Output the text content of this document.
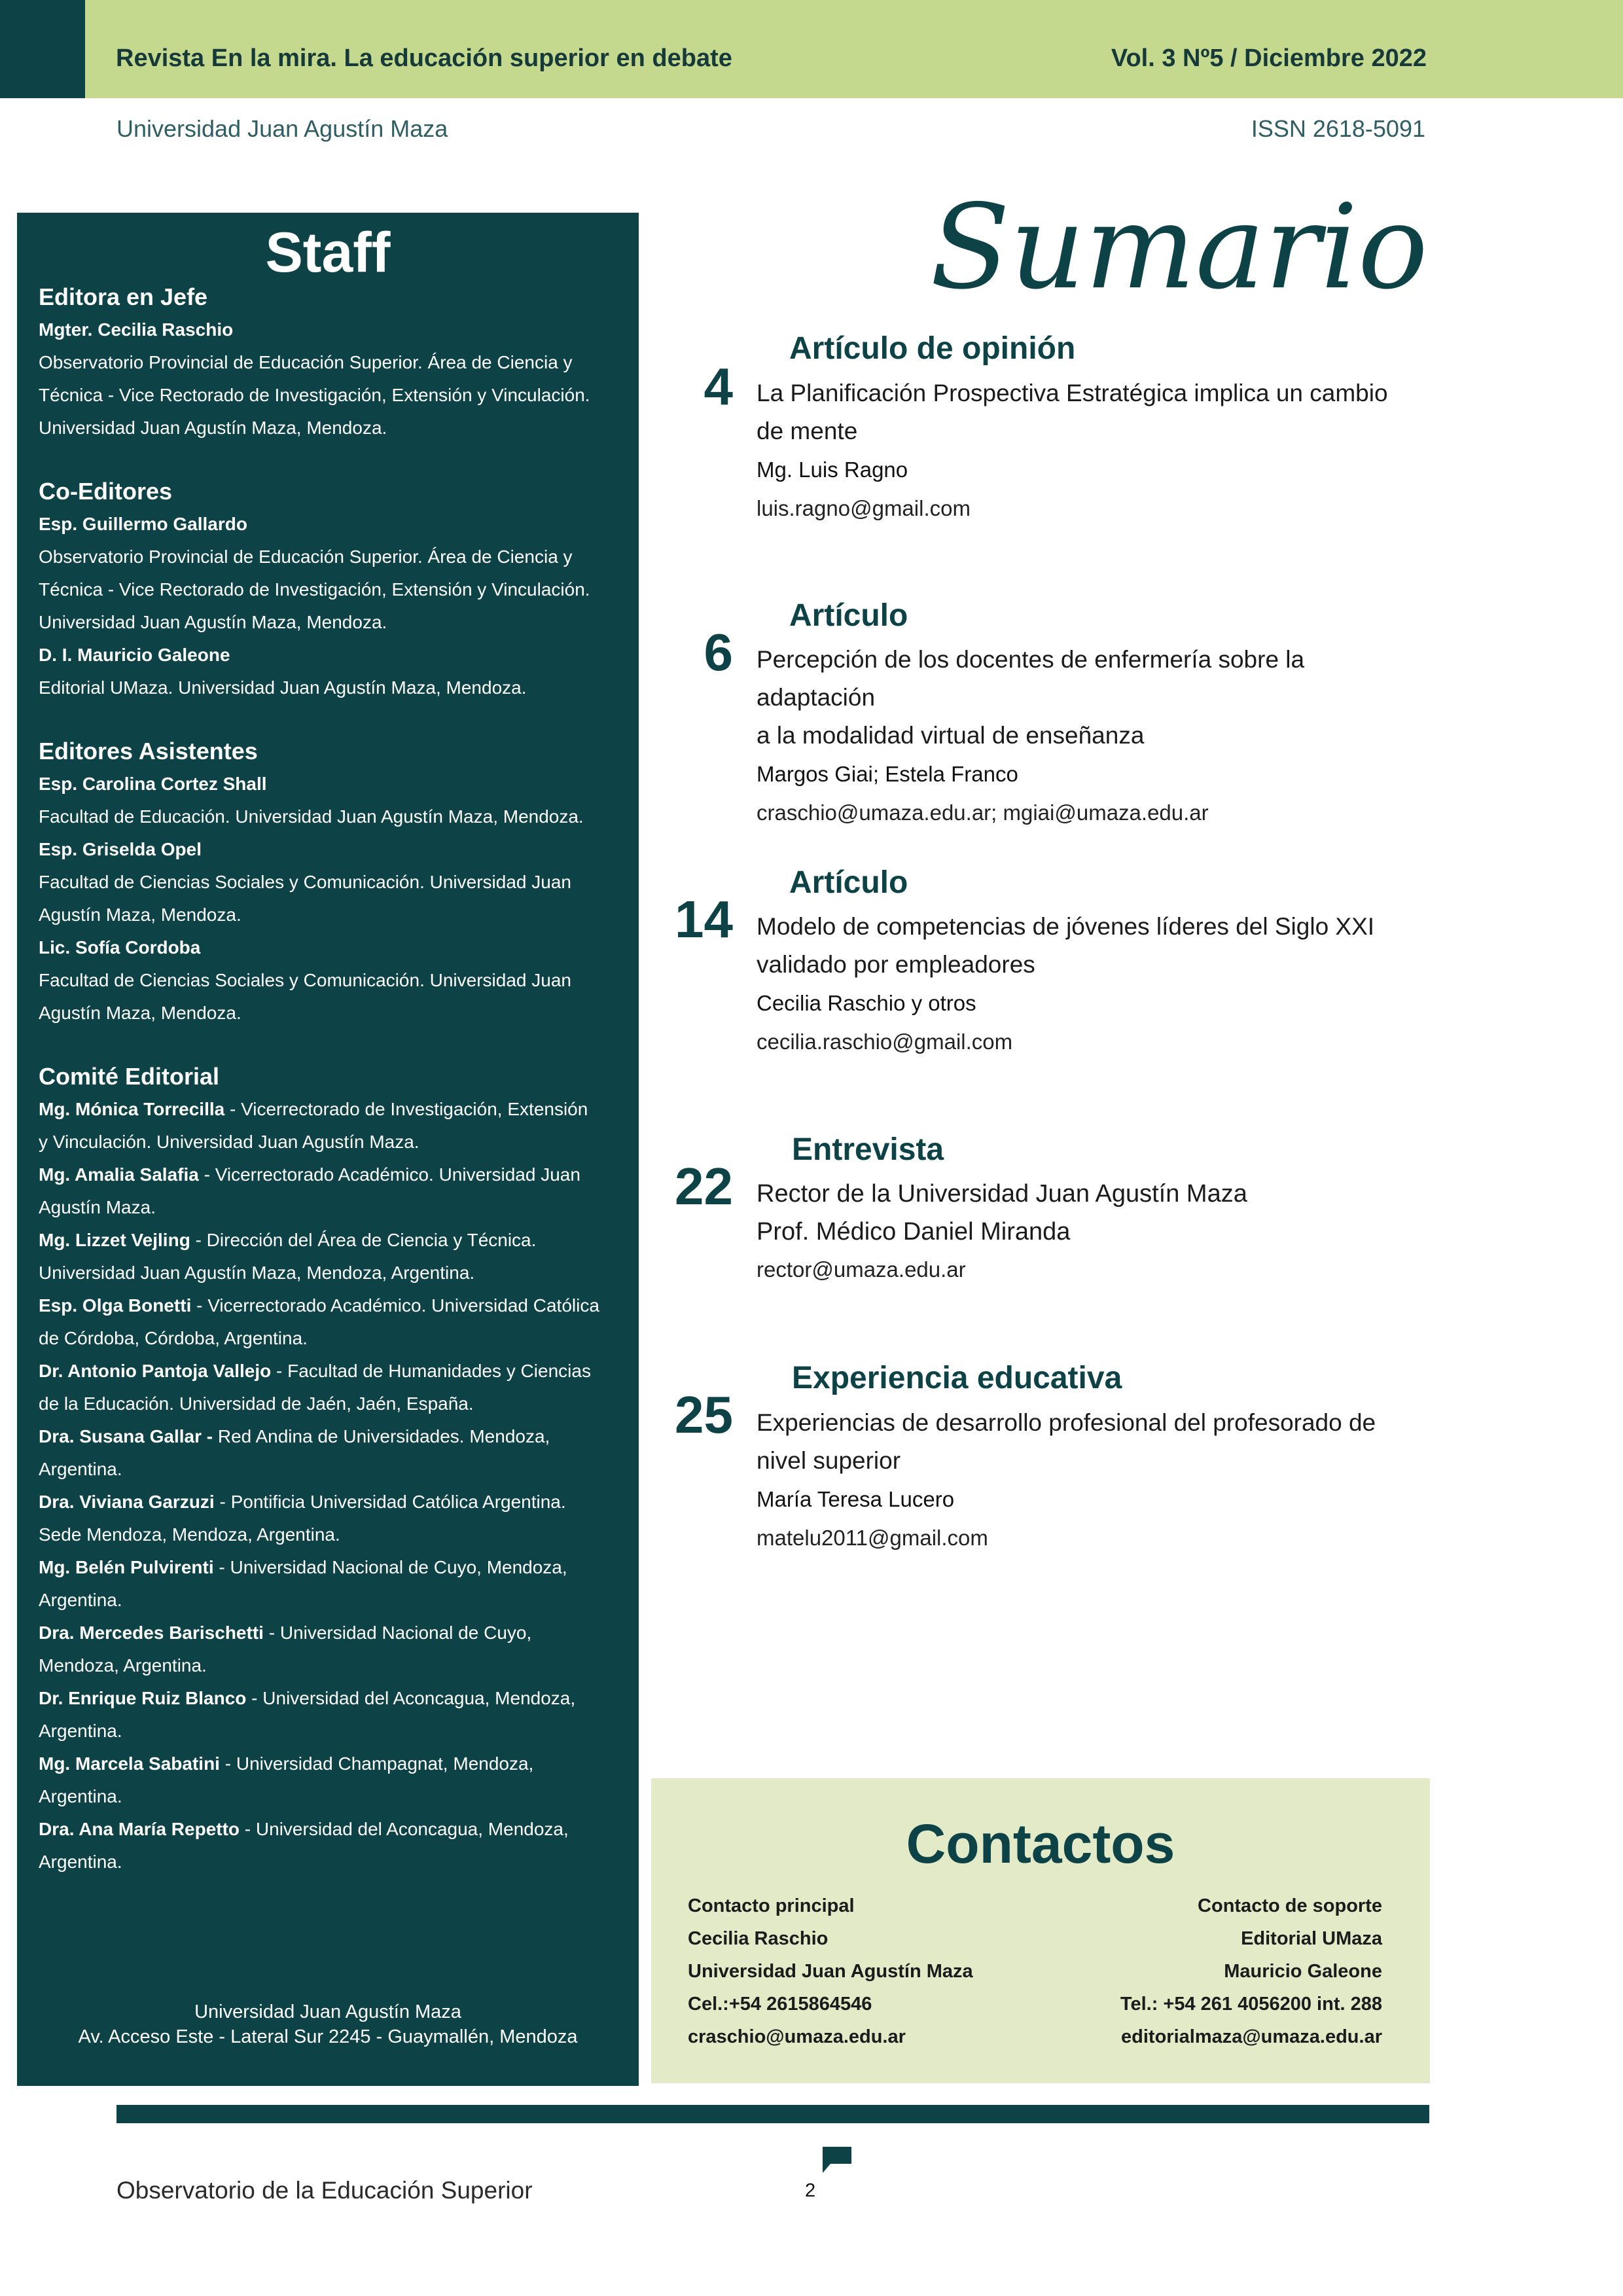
Revista En la mira. La educación superior en debate	Vol. 3 Nº5 / Diciembre 2022
Universidad Juan Agustín Maza	ISSN 2618-5091
Staff
Editora en Jefe
Mgter. Cecilia Raschio
Observatorio Provincial de Educación Superior. Área de Ciencia y
Técnica - Vice Rectorado de Investigación, Extensión y Vinculación.
Universidad Juan Agustín Maza, Mendoza.
Co-Editores
Esp. Guillermo Gallardo
Observatorio Provincial de Educación Superior. Área de Ciencia y
Técnica - Vice Rectorado de Investigación, Extensión y Vinculación.
Universidad Juan Agustín Maza, Mendoza.
D. I. Mauricio Galeone
Editorial UMaza. Universidad Juan Agustín Maza, Mendoza.
Editores Asistentes
Esp. Carolina Cortez Shall
Facultad de Educación. Universidad Juan Agustín Maza, Mendoza.
Esp. Griselda Opel
Facultad de Ciencias Sociales y Comunicación. Universidad Juan
Agustín Maza, Mendoza.
Lic. Sofía Cordoba
Facultad de Ciencias Sociales y Comunicación. Universidad Juan
Agustín Maza, Mendoza.
Comité Editorial
Mg. Mónica Torrecilla - Vicerrectorado de Investigación, Extensión
y Vinculación. Universidad Juan Agustín Maza.
Mg. Amalia Salafia - Vicerrectorado Académico. Universidad Juan
Agustín Maza.
Mg. Lizzet Vejling - Dirección del Área de Ciencia y Técnica.
Universidad Juan Agustín Maza, Mendoza, Argentina.
Esp. Olga Bonetti - Vicerrectorado Académico. Universidad Católica
de Córdoba, Córdoba, Argentina.
Dr. Antonio Pantoja Vallejo - Facultad de Humanidades y Ciencias
de la Educación. Universidad de Jaén, Jaén, España.
Dra. Susana Gallar - Red Andina de Universidades. Mendoza,
Argentina.
Dra. Viviana Garzuzi - Pontificia Universidad Católica Argentina.
Sede Mendoza, Mendoza, Argentina.
Mg. Belén Pulvirenti - Universidad Nacional de Cuyo, Mendoza,
Argentina.
Dra. Mercedes Barischetti - Universidad Nacional de Cuyo,
Mendoza, Argentina.
Dr. Enrique Ruiz Blanco - Universidad del Aconcagua, Mendoza,
Argentina.
Mg. Marcela Sabatini - Universidad Champagnat, Mendoza,
Argentina.
Dra. Ana María Repetto - Universidad del Aconcagua, Mendoza,
Argentina.
Universidad Juan Agustín Maza
Av. Acceso Este - Lateral Sur 2245 - Guaymallén, Mendoza
Sumario
4
Artículo de opinión
La Planificación Prospectiva Estratégica implica un cambio
de mente
Mg. Luis Ragno
luis.ragno@gmail.com
6
Artículo
Percepción de los docentes de enfermería sobre la adaptación
a la modalidad virtual de enseñanza
Margos Giai; Estela Franco
craschio@umaza.edu.ar; mgiai@umaza.edu.ar
14
Artículo
Modelo de competencias de jóvenes líderes del Siglo XXI
validado por empleadores
Cecilia Raschio y otros
cecilia.raschio@gmail.com
22
Entrevista
Rector de la Universidad Juan Agustín Maza
Prof. Médico Daniel Miranda
rector@umaza.edu.ar
25
Experiencia educativa
Experiencias de desarrollo profesional del profesorado de
nivel superior
María Teresa Lucero
matelu2011@gmail.com
Contactos
Contacto principal
Cecilia Raschio
Universidad Juan Agustín Maza
Cel.:+54 2615864546
craschio@umaza.edu.ar
Contacto de soporte
Editorial UMaza
Mauricio Galeone
Tel.: +54 261 4056200 int. 288
editorialmaza@umaza.edu.ar
Observatorio de la Educación Superior	2
